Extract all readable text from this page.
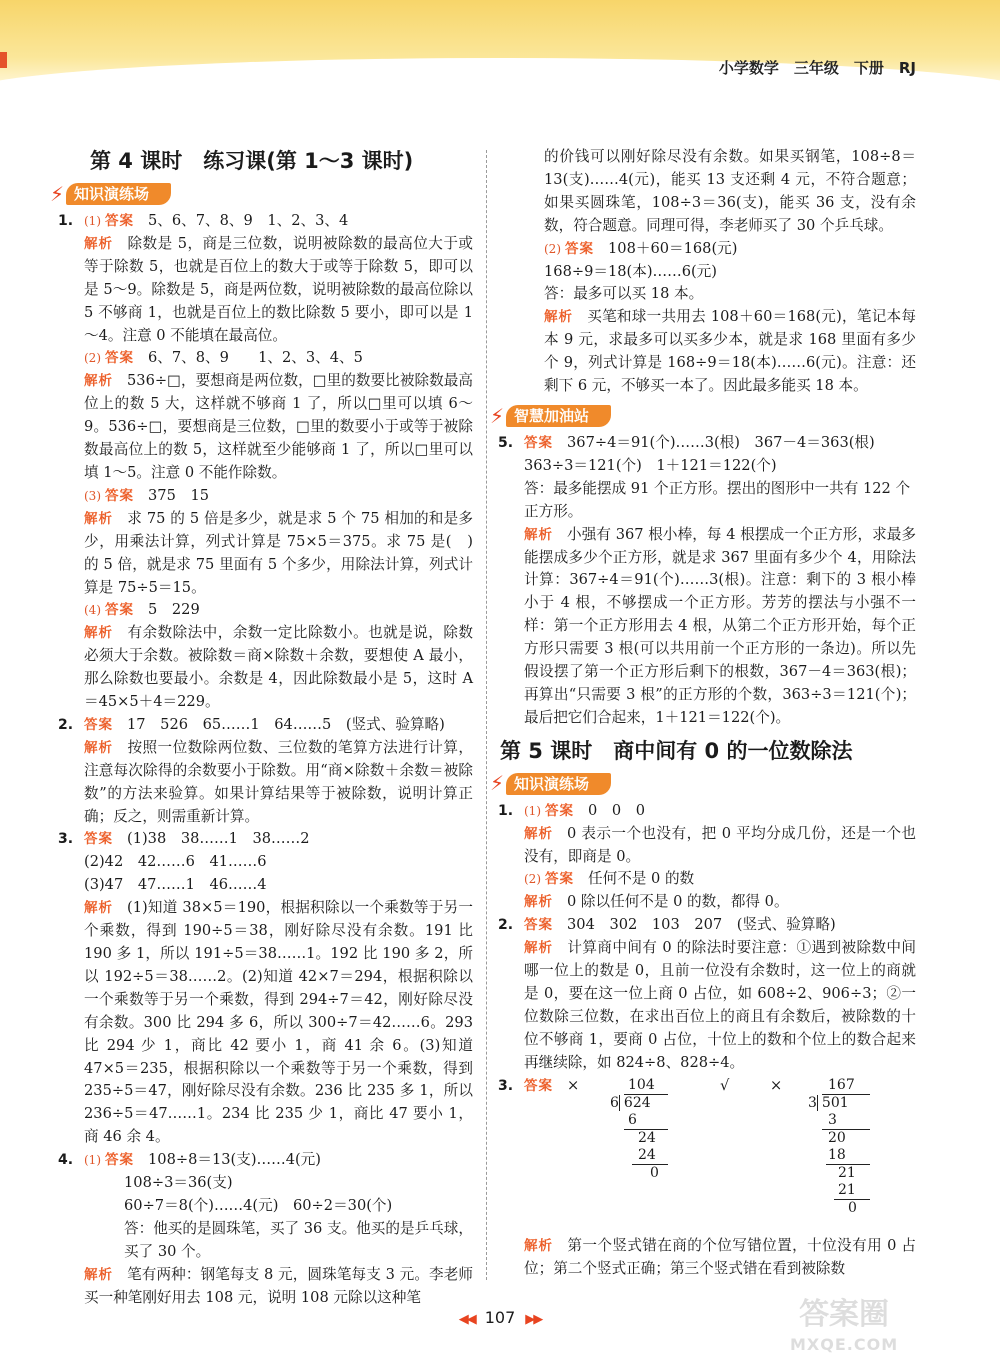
小学数学　三年级　下册　RJ
第 4 课时　练习课(第 1～3 课时)
⚡ 知识演练场
1. (1) 答案 5、6、7、8、9　1、2、3、4
解析 除数是 5，商是三位数，说明被除数的最高位大于或等于除数 5，也就是百位上的数大于或等于除数 5，即可以是 5～9。除数是 5，商是两位数，说明被除数的最高位除以 5 不够商 1，也就是百位上的数比除数 5 要小，即可以是 1～4。注意 0 不能填在最高位。
(2) 答案 6、7、8、9　　1、2、3、4、5
解析 536÷□，要想商是两位数，□里的数要比被除数最高位上的数 5 大，这样就不够商 1 了，所以□里可以填 6～9。536÷□，要想商是三位数，□里的数要小于或等于被除数最高位上的数 5，这样就至少能够商 1 了，所以□里可以填 1～5。注意 0 不能作除数。
(3) 答案 375　15
解析 求 75 的 5 倍是多少，就是求 5 个 75 相加的和是多少，用乘法计算，列式计算是 75×5＝375。求 75 是(　)的 5 倍，就是求 75 里面有 5 个多少，用除法计算，列式计算是 75÷5＝15。
(4) 答案 5　229
解析 有余数除法中，余数一定比除数小。也就是说，除数必须大于余数。被除数＝商×除数＋余数，要想使 A 最小，那么除数也要最小。余数是 4，因此除数最小是 5，这时 A＝45×5＋4＝229。
2. 答案 17　526　65……1　64……5　(竖式、验算略)
解析 按照一位数除两位数、三位数的笔算方法进行计算，注意每次除得的余数要小于除数。用“商×除数＋余数＝被除数”的方法来验算。如果计算结果等于被除数，说明计算正确；反之，则需重新计算。
3. 答案 (1)38　38……1　38……2
(2)42　42……6　41……6
(3)47　47……1　46……4
解析 (1)知道 38×5＝190，根据积除以一个乘数等于另一个乘数，得到 190÷5＝38，刚好除尽没有余数。191 比 190 多 1，所以 191÷5＝38……1。192 比 190 多 2，所以 192÷5＝38……2。(2)知道 42×7＝294，根据积除以一个乘数等于另一个乘数，得到 294÷7＝42，刚好除尽没有余数。300 比 294 多 6，所以 300÷7＝42……6。293 比 294 少 1，商比 42 要小 1，商 41 余 6。(3)知道 47×5＝235，根据积除以一个乘数等于另一个乘数，得到 235÷5＝47，刚好除尽没有余数。236 比 235 多 1，所以 236÷5＝47……1。234 比 235 少 1，商比 47 要小 1，商 46 余 4。
4. (1) 答案 108÷8＝13(支)……4(元)
108÷3＝36(支)
60÷7＝8(个)……4(元)　60÷2＝30(个)
答：他买的是圆珠笔，买了 36 支。他买的是乒乓球，买了 30 个。
解析 笔有两种：钢笔每支 8 元，圆珠笔每支 3 元。李老师买一种笔刚好用去 108 元，说明 108 元除以这种笔
的价钱可以刚好除尽没有余数。如果买钢笔，108÷8＝13(支)……4(元)，能买 13 支还剩 4 元，不符合题意；如果买圆珠笔，108÷3＝36(支)，能买 36 支，没有余数，符合题意。同理可得，李老师买了 30 个乒乓球。
(2) 答案 108＋60＝168(元)
168÷9＝18(本)……6(元)
答：最多可以买 18 本。
解析 买笔和球一共用去 108＋60＝168(元)，笔记本每本 9 元，求最多可以买多少本，就是求 168 里面有多少个 9，列式计算是 168÷9＝18(本)……6(元)。注意：还剩下 6 元，不够买一本了。因此最多能买 18 本。
⚡ 智慧加油站
5. 答案 367÷4＝91(个)……3(根)　367－4＝363(根)
363÷3＝121(个)　1＋121＝122(个)
答：最多能摆成 91 个正方形。摆出的图形中一共有 122 个正方形。
解析 小强有 367 根小棒，每 4 根摆成一个正方形，求最多能摆成多少个正方形，就是求 367 里面有多少个 4，用除法计算：367÷4＝91(个)……3(根)。注意：剩下的 3 根小棒小于 4 根，不够摆成一个正方形。芳芳的摆法与小强不一样：第一个正方形用去 4 根，从第二个正方形开始，每个正方形只需要 3 根(可以共用前一个正方形的一条边)。所以先假设摆了第一个正方形后剩下的根数，367－4＝363(根)；再算出“只需要 3 根”的正方形的个数，363÷3＝121(个)；最后把它们合起来，1＋121＝122(个)。
第 5 课时　商中间有 0 的一位数除法
⚡ 知识演练场
1. (1) 答案 0　0　0
解析 0 表示一个也没有，把 0 平均分成几份，还是一个也没有，即商是 0。
(2) 答案 任何不是 0 的数
解析 0 除以任何不是 0 的数，都得 0。
2. 答案 304　302　103　207　(竖式、验算略)
解析 计算商中间有 0 的除法时要注意：①遇到被除数中间哪一位上的数是 0，且前一位没有余数时，这一位上的商就是 0，要在这一位上商 0 占位，如 608÷2、906÷3；②一位数除三位数，在求出百位上的商且有余数后，被除数的十位不够商 1，要商 0 占位，十位上的数和个位上的数合起来再继续除，如 824÷8、828÷4。
3. 答案 ×	104
6 624
6
24
24
0
√	×	167
3 501
3
20
18
21
21
0
解析 第一个竖式错在商的个位写错位置，十位没有用 0 占位；第二个竖式正确；第三个竖式错在看到被除数
◀◀ 107 ▶▶	答案圈
MXQE.COM
